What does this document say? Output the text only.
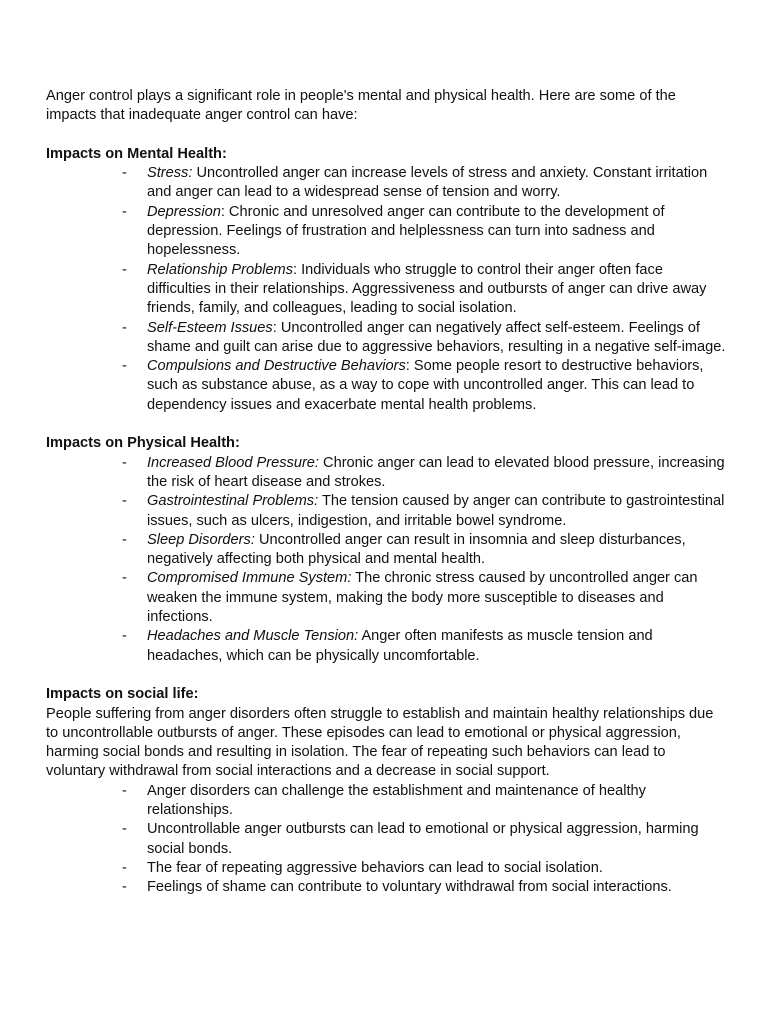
Anger control plays a significant role in people's mental and physical health. Here are some of the impacts that inadequate anger control can have:

Impacts on Mental Health:

- Stress: Uncontrolled anger can increase levels of stress and anxiety. Constant irritation and anger can lead to a widespread sense of tension and worry.
- Depression: Chronic and unresolved anger can contribute to the development of depression. Feelings of frustration and helplessness can turn into sadness and hopelessness.
- Relationship Problems: Individuals who struggle to control their anger often face difficulties in their relationships. Aggressiveness and outbursts of anger can drive away friends, family, and colleagues, leading to social isolation.
- Self-Esteem Issues: Uncontrolled anger can negatively affect self-esteem. Feelings of shame and guilt can arise due to aggressive behaviors, resulting in a negative self-image.
- Compulsions and Destructive Behaviors: Some people resort to destructive behaviors, such as substance abuse, as a way to cope with uncontrolled anger. This can lead to dependency issues and exacerbate mental health problems.

Impacts on Physical Health:

- Increased Blood Pressure: Chronic anger can lead to elevated blood pressure, increasing the risk of heart disease and strokes.
- Gastrointestinal Problems: The tension caused by anger can contribute to gastrointestinal issues, such as ulcers, indigestion, and irritable bowel syndrome.
- Sleep Disorders: Uncontrolled anger can result in insomnia and sleep disturbances, negatively affecting both physical and mental health.
- Compromised Immune System: The chronic stress caused by uncontrolled anger can weaken the immune system, making the body more susceptible to diseases and infections.
- Headaches and Muscle Tension: Anger often manifests as muscle tension and headaches, which can be physically uncomfortable.

Impacts on social life:

People suffering from anger disorders often struggle to establish and maintain healthy relationships due to uncontrollable outbursts of anger. These episodes can lead to emotional or physical aggression, harming social bonds and resulting in isolation. The fear of repeating such behaviors can lead to voluntary withdrawal from social interactions and a decrease in social support.

- Anger disorders can challenge the establishment and maintenance of healthy relationships.
- Uncontrollable anger outbursts can lead to emotional or physical aggression, harming social bonds.
- The fear of repeating aggressive behaviors can lead to social isolation.
- Feelings of shame can contribute to voluntary withdrawal from social interactions.
